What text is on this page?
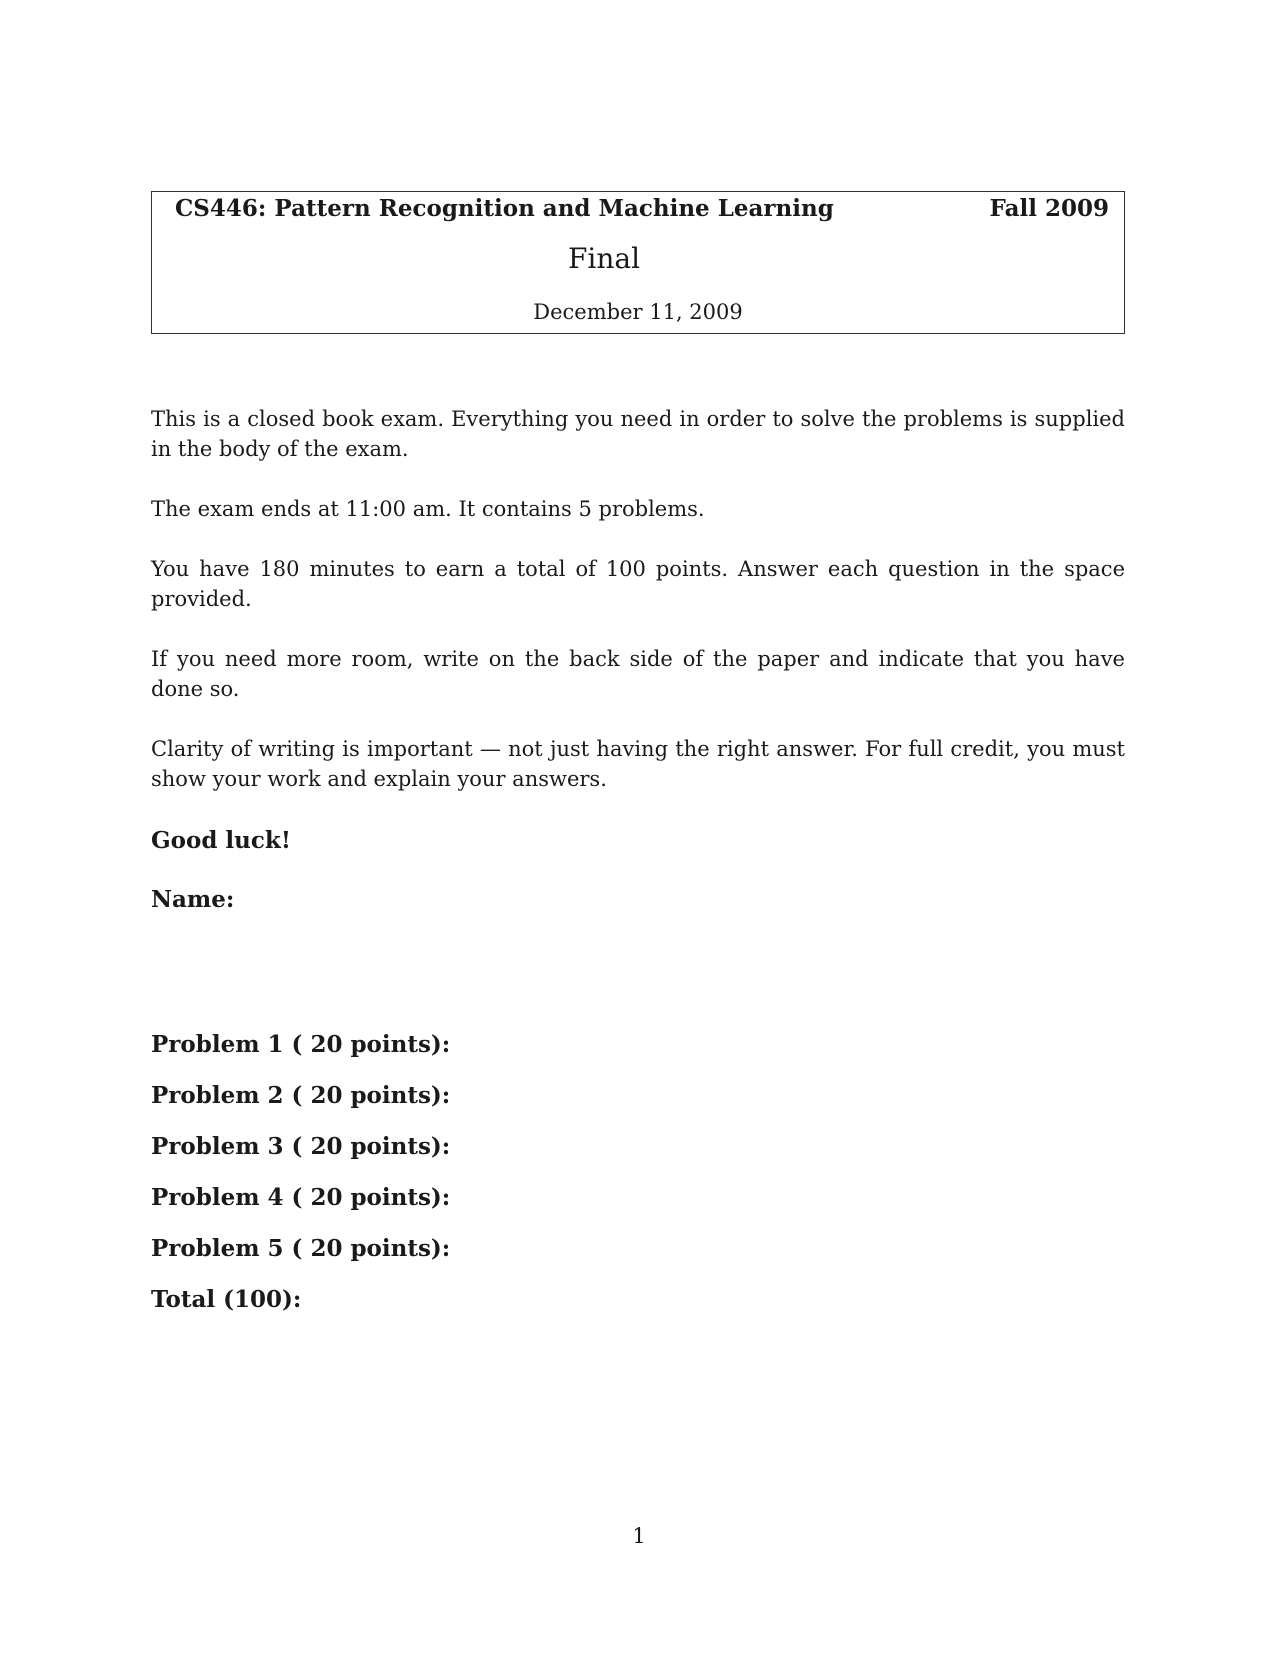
CS446: Pattern Recognition and Machine Learning	Fall 2009
Final
December 11, 2009

This is a closed book exam. Everything you need in order to solve the problems is supplied in the body of the exam.

The exam ends at 11:00 am. It contains 5 problems.

You have 180 minutes to earn a total of 100 points. Answer each question in the space provided.

If you need more room, write on the back side of the paper and indicate that you have done so.

Clarity of writing is important — not just having the right answer. For full credit, you must show your work and explain your answers.

Good luck!
Name:
Problem 1 ( 20 points):
Problem 2 ( 20 points):
Problem 3 ( 20 points):
Problem 4 ( 20 points):
Problem 5 ( 20 points):
Total (100):
1
